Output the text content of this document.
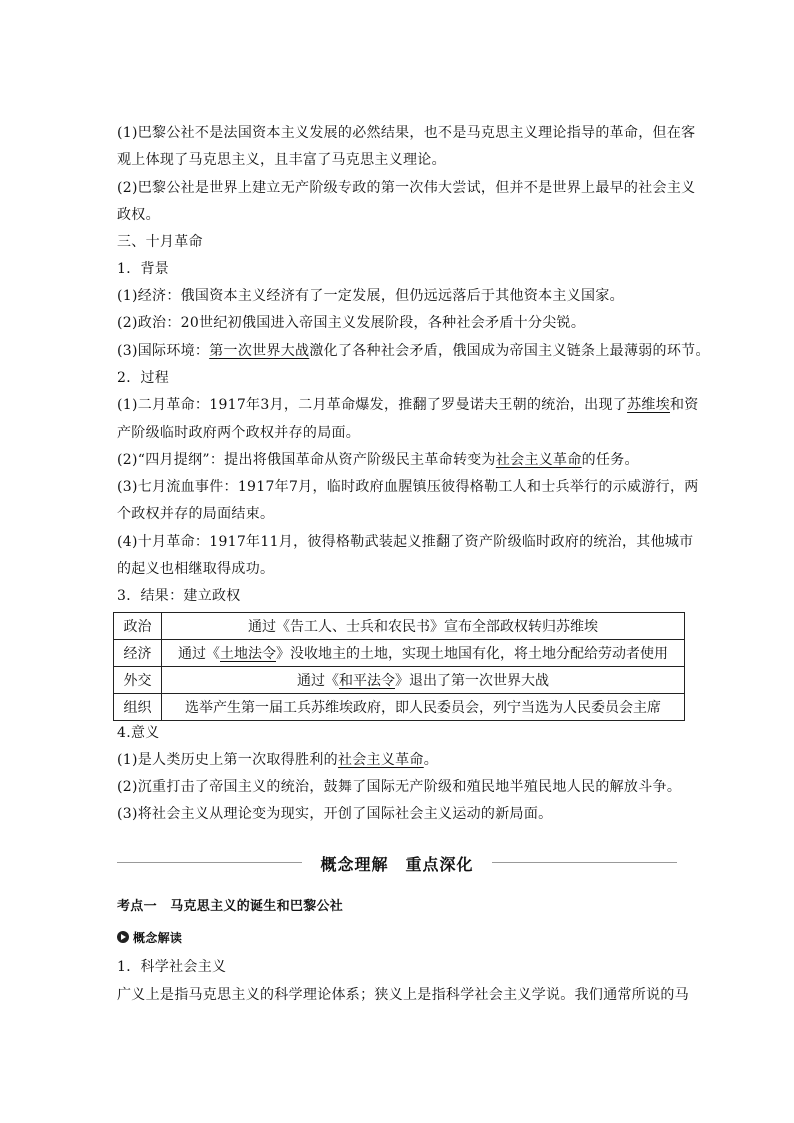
(1)巴黎公社不是法国资本主义发展的必然结果，也不是马克思主义理论指导的革命，但在客
观上体现了马克思主义，且丰富了马克思主义理论。
(2)巴黎公社是世界上建立无产阶级专政的第一次伟大尝试，但并不是世界上最早的社会主义
政权。
三、十月革命
1．背景
(1)经济：俄国资本主义经济有了一定发展，但仍远远落后于其他资本主义国家。
(2)政治：20世纪初俄国进入帝国主义发展阶段，各种社会矛盾十分尖锐。
(3)国际环境：第一次世界大战激化了各种社会矛盾，俄国成为帝国主义链条上最薄弱的环节。
2．过程
(1)二月革命：1917年3月，二月革命爆发，推翻了罗曼诺夫王朝的统治，出现了苏维埃和资
产阶级临时政府两个政权并存的局面。
(2)“四月提纲”：提出将俄国革命从资产阶级民主革命转变为社会主义革命的任务。
(3)七月流血事件：1917年7月，临时政府血腥镇压彼得格勒工人和士兵举行的示威游行，两
个政权并存的局面结束。
(4)十月革命：1917年11月，彼得格勒武装起义推翻了资产阶级临时政府的统治，其他城市
的起义也相继取得成功。
3．结果：建立政权
政治	通过《告工人、士兵和农民书》宣布全部政权转归苏维埃
经济	通过《土地法令》没收地主的土地，实现土地国有化，将土地分配给劳动者使用
外交	通过《和平法令》退出了第一次世界大战
组织	选举产生第一届工兵苏维埃政府，即人民委员会，列宁当选为人民委员会主席
4.意义
(1)是人类历史上第一次取得胜利的社会主义革命。
(2)沉重打击了帝国主义的统治，鼓舞了国际无产阶级和殖民地半殖民地人民的解放斗争。
(3)将社会主义从理论变为现实，开创了国际社会主义运动的新局面。
概念理解　重点深化
考点一　马克思主义的诞生和巴黎公社
概念解读
1．科学社会主义
广义上是指马克思主义的科学理论体系；狭义上是指科学社会主义学说。我们通常所说的马
